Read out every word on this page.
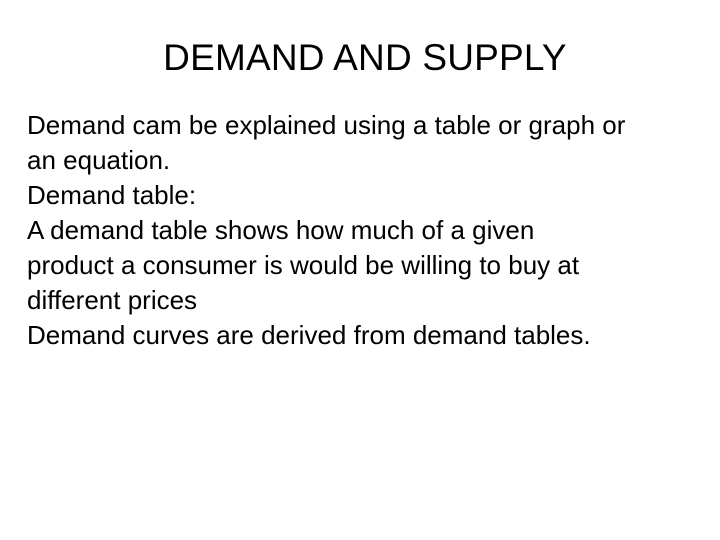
DEMAND AND SUPPLY
Demand cam be explained using a table or graph or
an equation.
Demand table:
A demand table shows how much of a given
product a consumer is would be willing to buy at
different prices
Demand curves are derived from demand tables.
